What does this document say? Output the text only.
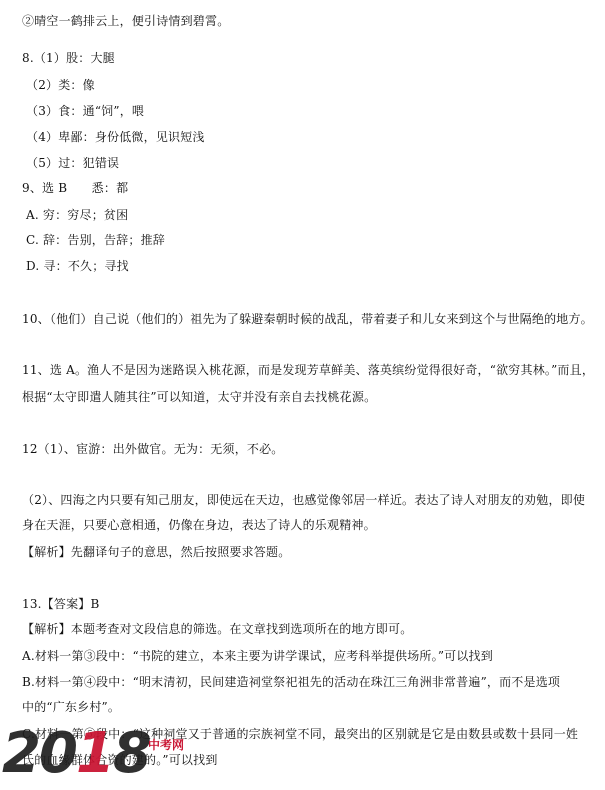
②晴空一鹤排云上，便引诗情到碧霄。
8.（1）股：大腿
（2）类：像
（3）食：通“饲”，喂
（4）卑鄙：身份低微，见识短浅
（5）过：犯错误
9、选 B　　悉：都
A. 穷：穷尽；贫困
C. 辞：告别，告辞；推辞
D. 寻：不久；寻找
10、（他们）自己说（他们的）祖先为了躲避秦朝时候的战乱，带着妻子和儿女来到这个与世隔绝的地方。
11、选 A。渔人不是因为迷路误入桃花源，而是发现芳草鲜美、落英缤纷觉得很好奇，“欲穷其林。”而且，
根据“太守即遣人随其往”可以知道，太守并没有亲自去找桃花源。
12（1）、宦游：出外做官。无为：无须，不必。
（2）、四海之内只要有知己朋友，即使远在天边，也感觉像邻居一样近。表达了诗人对朋友的劝勉，即使
身在天涯，只要心意相通，仍像在身边，表达了诗人的乐观精神。
【解析】先翻译句子的意思，然后按照要求答题。
13.【答案】B
【解析】本题考查对文段信息的筛选。在文章找到选项所在的地方即可。
A.材料一第③段中：“书院的建立，本来主要为讲学课试，应考科举提供场所。”可以找到
B.材料一第④段中：“明末清初，民间建造祠堂祭祀祖先的活动在珠江三角洲非常普遍”，而不是选项
中的“广东乡村”。
C.材料一第⑤段中：“这种祠堂又于普通的宗族祠堂不同，最突出的区别就是它是由数县或数十县同一姓
氏的血缘群体合资的建的。”可以找到
2018
中考网
